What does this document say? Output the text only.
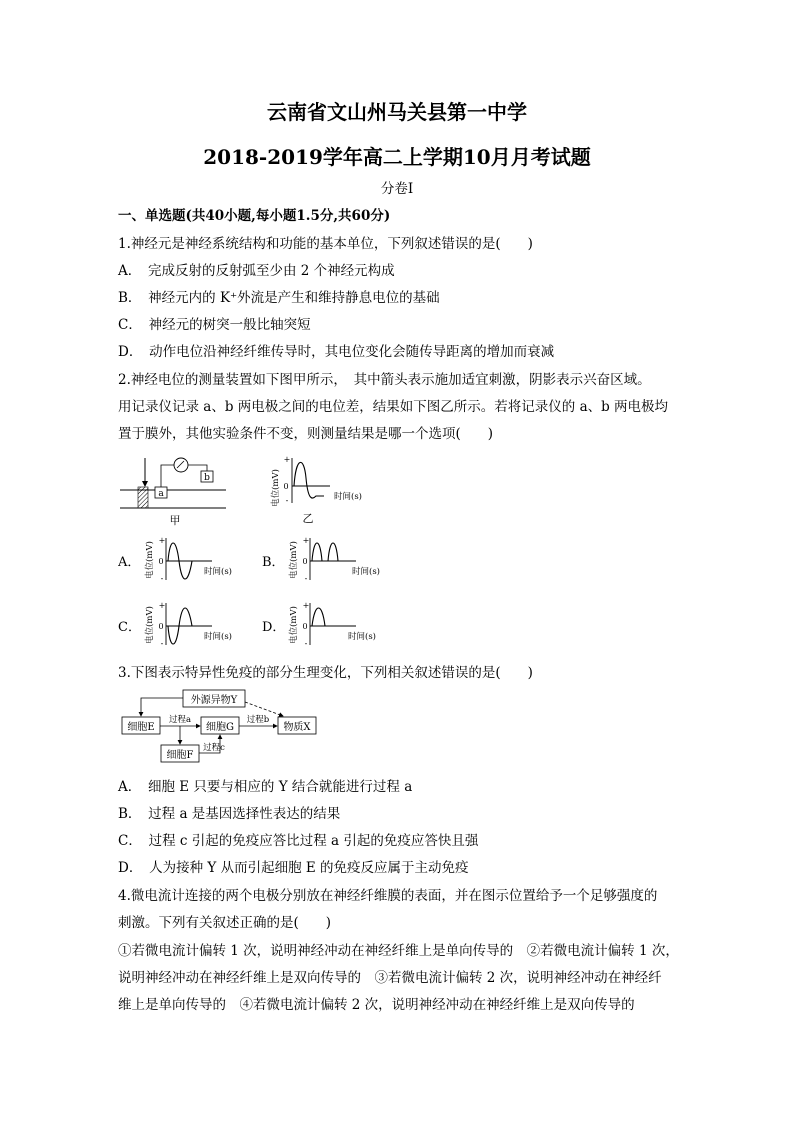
云南省文山州马关县第一中学
2018-2019学年高二上学期10月月考试题
分卷I
一、单选题(共40小题,每小题1.5分,共60分)
1.神经元是神经系统结构和功能的基本单位，下列叙述错误的是(　　)
A．　完成反射的反射弧至少由 2 个神经元构成
B．　神经元内的 K⁺外流是产生和维持静息电位的基础
C．　神经元的树突一般比轴突短
D．　动作电位沿神经纤维传导时，其电位变化会随传导距离的增加而衰减
2.神经电位的测量装置如下图甲所示，　其中箭头表示施加适宜刺激，阴影表示兴奋区域。
用记录仪记录 a、b 两电极之间的电位差，结果如下图乙所示。若将记录仪的 a、b 两电极均
置于膜外，其他实验条件不变，则测量结果是哪一个选项(　　)
a
b
甲
电位(mV)
+
0
-	时间(s)
乙
A． 电位(mV)
+
0
-
时间(s)
B． 电位(mV)
+
0
-
时间(s)
C． 电位(mV)
+
0
-
时间(s)
D． 电位(mV)
+
0
-
时间(s)
3.下图表示特异性免疫的部分生理变化，下列相关叙述错误的是(　　)
外源异物Y
细胞E	细胞G	物质X
细胞F
过程a	过程b
过程c
A．　细胞 E 只要与相应的 Y 结合就能进行过程 a
B．　过程 a 是基因选择性表达的结果
C．　过程 c 引起的免疫应答比过程 a 引起的免疫应答快且强
D．　人为接种 Y 从而引起细胞 E 的免疫反应属于主动免疫
4.微电流计连接的两个电极分别放在神经纤维膜的表面，并在图示位置给予一个足够强度的
刺激。下列有关叙述正确的是(　　)
①若微电流计偏转 1 次，说明神经冲动在神经纤维上是单向传导的　②若微电流计偏转 1 次，
说明神经冲动在神经纤维上是双向传导的　③若微电流计偏转 2 次，说明神经冲动在神经纤
维上是单向传导的　④若微电流计偏转 2 次，说明神经冲动在神经纤维上是双向传导的
